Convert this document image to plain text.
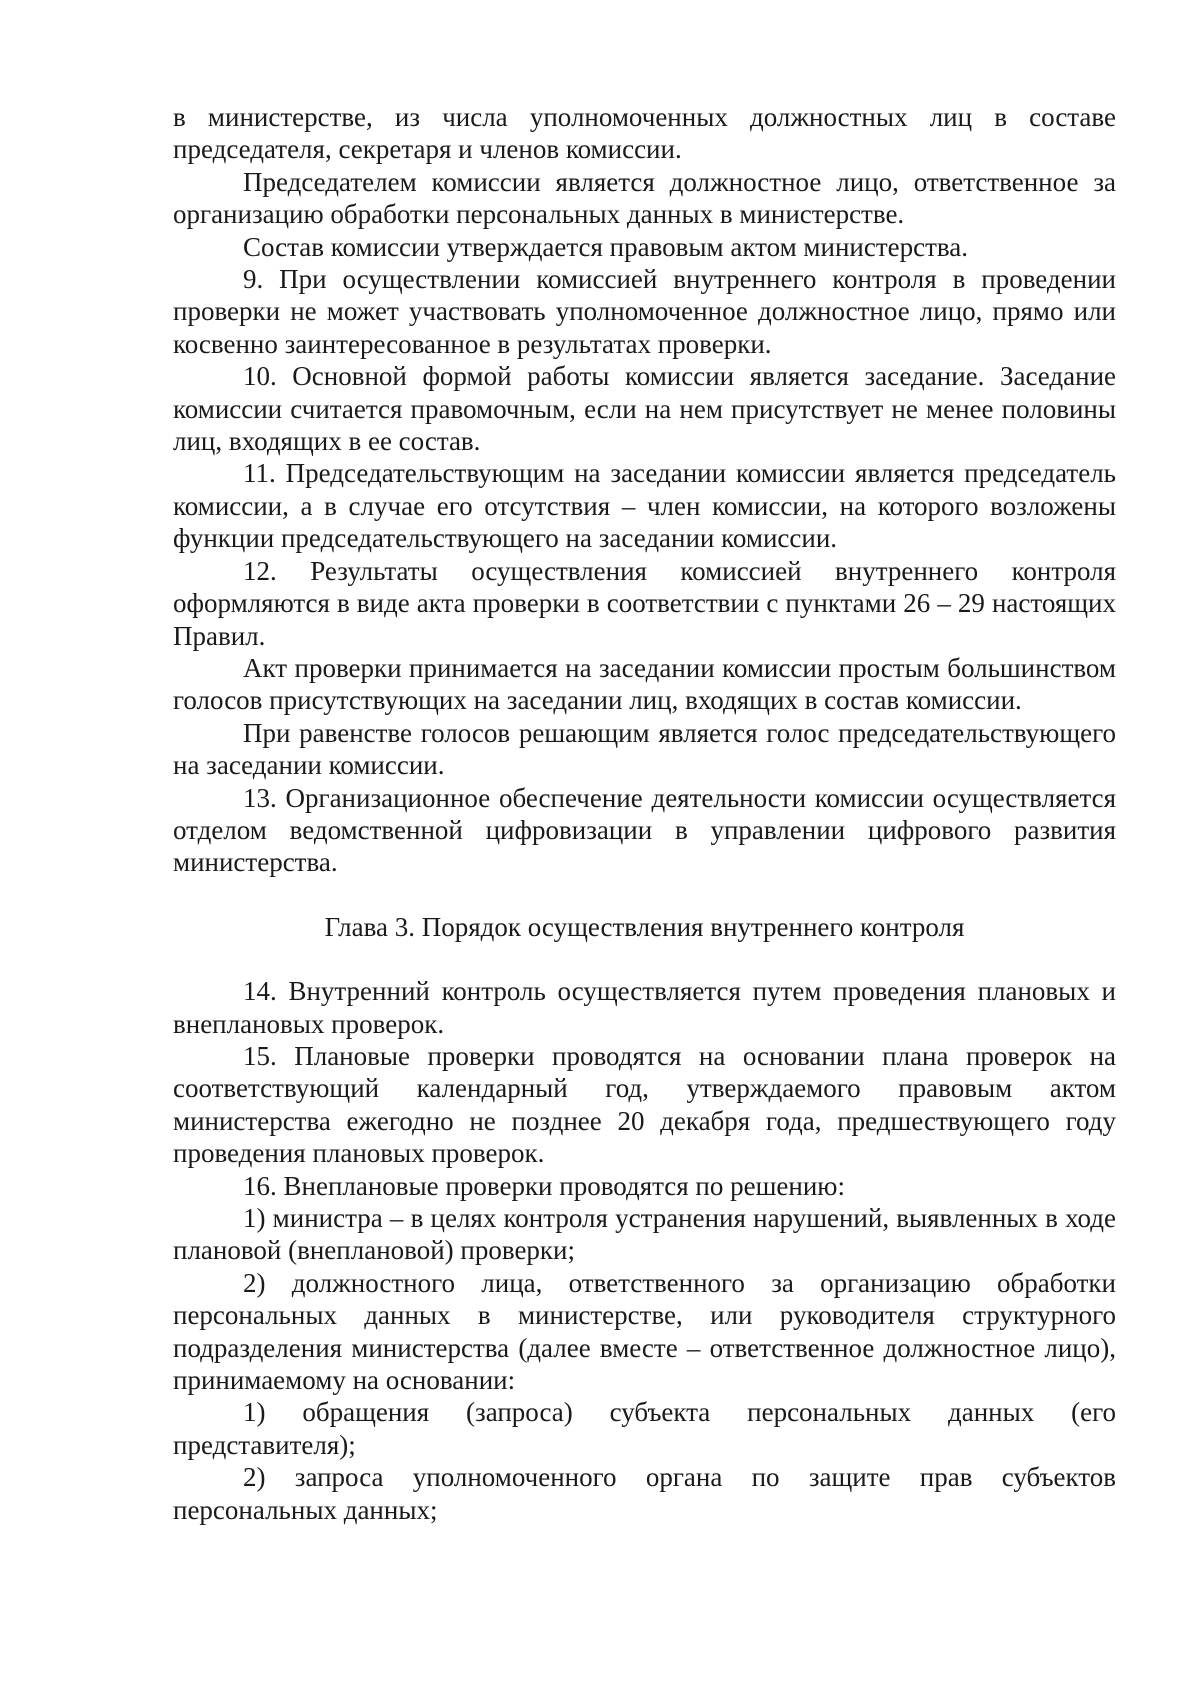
в министерстве, из числа уполномоченных должностных лиц в составе председателя, секретаря и членов комиссии.

Председателем комиссии является должностное лицо, ответственное за организацию обработки персональных данных в министерстве.

Состав комиссии утверждается правовым актом министерства.

9. При осуществлении комиссией внутреннего контроля в проведении проверки не может участвовать уполномоченное должностное лицо, прямо или косвенно заинтересованное в результатах проверки.

10. Основной формой работы комиссии является заседание. Заседание комиссии считается правомочным, если на нем присутствует не менее половины лиц, входящих в ее состав.

11. Председательствующим на заседании комиссии является председатель комиссии, а в случае его отсутствия – член комиссии, на которого возложены функции председательствующего на заседании комиссии.

12. Результаты осуществления комиссией внутреннего контроля оформляются в виде акта проверки в соответствии с пунктами 26 – 29 настоящих Правил.

Акт проверки принимается на заседании комиссии простым большинством голосов присутствующих на заседании лиц, входящих в состав комиссии.

При равенстве голосов решающим является голос председательствующего на заседании комиссии.

13. Организационное обеспечение деятельности комиссии осуществляется отделом ведомственной цифровизации в управлении цифрового развития министерства.

Глава 3. Порядок осуществления внутреннего контроля

14. Внутренний контроль осуществляется путем проведения плановых и внеплановых проверок.

15. Плановые проверки проводятся на основании плана проверок на соответствующий календарный год, утверждаемого правовым актом министерства ежегодно не позднее 20 декабря года, предшествующего году проведения плановых проверок.

16. Внеплановые проверки проводятся по решению:

1) министра – в целях контроля устранения нарушений, выявленных в ходе плановой (внеплановой) проверки;

2) должностного лица, ответственного за организацию обработки персональных данных в министерстве, или руководителя структурного подразделения министерства (далее вместе – ответственное должностное лицо), принимаемому на основании:

1) обращения (запроса) субъекта персональных данных (его представителя);

2) запроса уполномоченного органа по защите прав субъектов персональных данных;
